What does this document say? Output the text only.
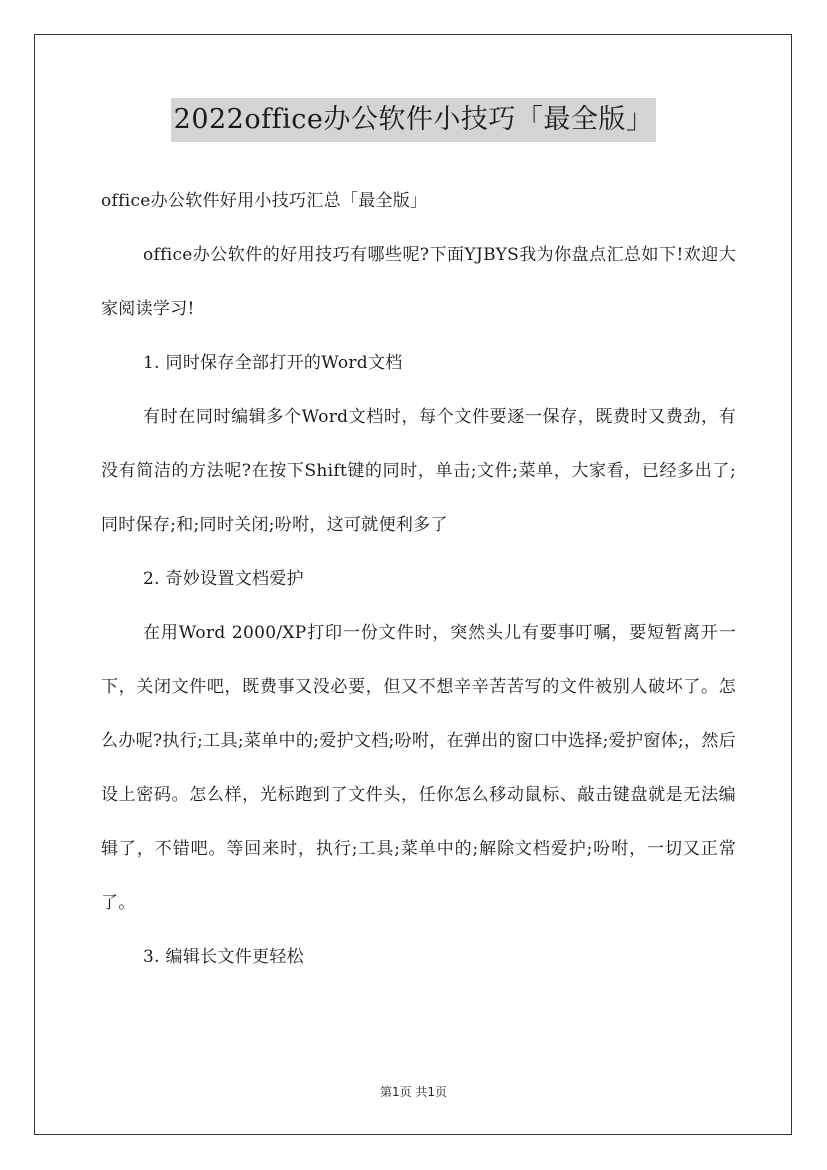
2022office办公软件小技巧「最全版」

office办公软件好用小技巧汇总「最全版」

office办公软件的好用技巧有哪些呢?下面YJBYS我为你盘点汇总如下!欢迎大家阅读学习!

1. 同时保存全部打开的Word文档

有时在同时编辑多个Word文档时，每个文件要逐一保存，既费时又费劲，有没有简洁的方法呢?在按下Shift键的同时，单击;文件;菜单，大家看，已经多出了;同时保存;和;同时关闭;吩咐，这可就便利多了

2. 奇妙设置文档爱护

在用Word 2000/XP打印一份文件时，突然头儿有要事叮嘱，要短暂离开一下，关闭文件吧，既费事又没必要，但又不想辛辛苦苦写的文件被别人破坏了。怎么办呢?执行;工具;菜单中的;爱护文档;吩咐，在弹出的窗口中选择;爱护窗体;，然后设上密码。怎么样，光标跑到了文件头，任你怎么移动鼠标、敲击键盘就是无法编辑了，不错吧。等回来时，执行;工具;菜单中的;解除文档爱护;吩咐，一切又正常了。

3. 编辑长文件更轻松

第1页 共1页
